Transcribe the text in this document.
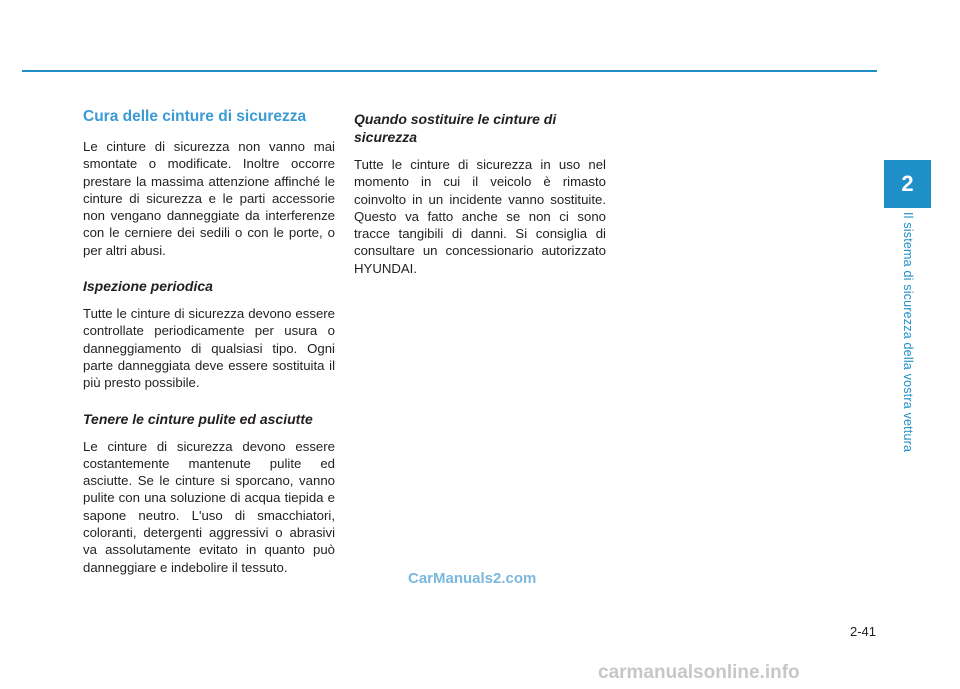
Cura delle cinture di sicurezza

Le cinture di sicurezza non vanno mai smontate o modificate. Inoltre occorre prestare la massima attenzione affinché le cinture di sicurezza e le parti accessorie non vengano danneggiate da interferenze con le cerniere dei sedili o con le porte, o per altri abusi.

Ispezione periodica

Tutte le cinture di sicurezza devono essere controllate periodicamente per usura o danneggiamento di qualsiasi tipo. Ogni parte danneggiata deve essere sostituita il più presto possibile.

Tenere le cinture pulite ed asciutte

Le cinture di sicurezza devono essere costantemente mantenute pulite ed asciutte. Se le cinture si sporcano, vanno pulite con una soluzione di acqua tiepida e sapone neutro. L'uso di smacchiatori, coloranti, detergenti aggressivi o abrasivi va assolutamente evitato in quanto può danneggiare e indebolire il tessuto.

Quando sostituire le cinture di sicurezza

Tutte le cinture di sicurezza in uso nel momento in cui il veicolo è rimasto coinvolto in un incidente vanno sostituite. Questo va fatto anche se non ci sono tracce tangibili di danni. Si consiglia di consultare un concessionario autorizzato HYUNDAI.

2
Il sistema di sicurezza della vostra vettura
CarManuals2.com
2-41
carmanualsonline.info
